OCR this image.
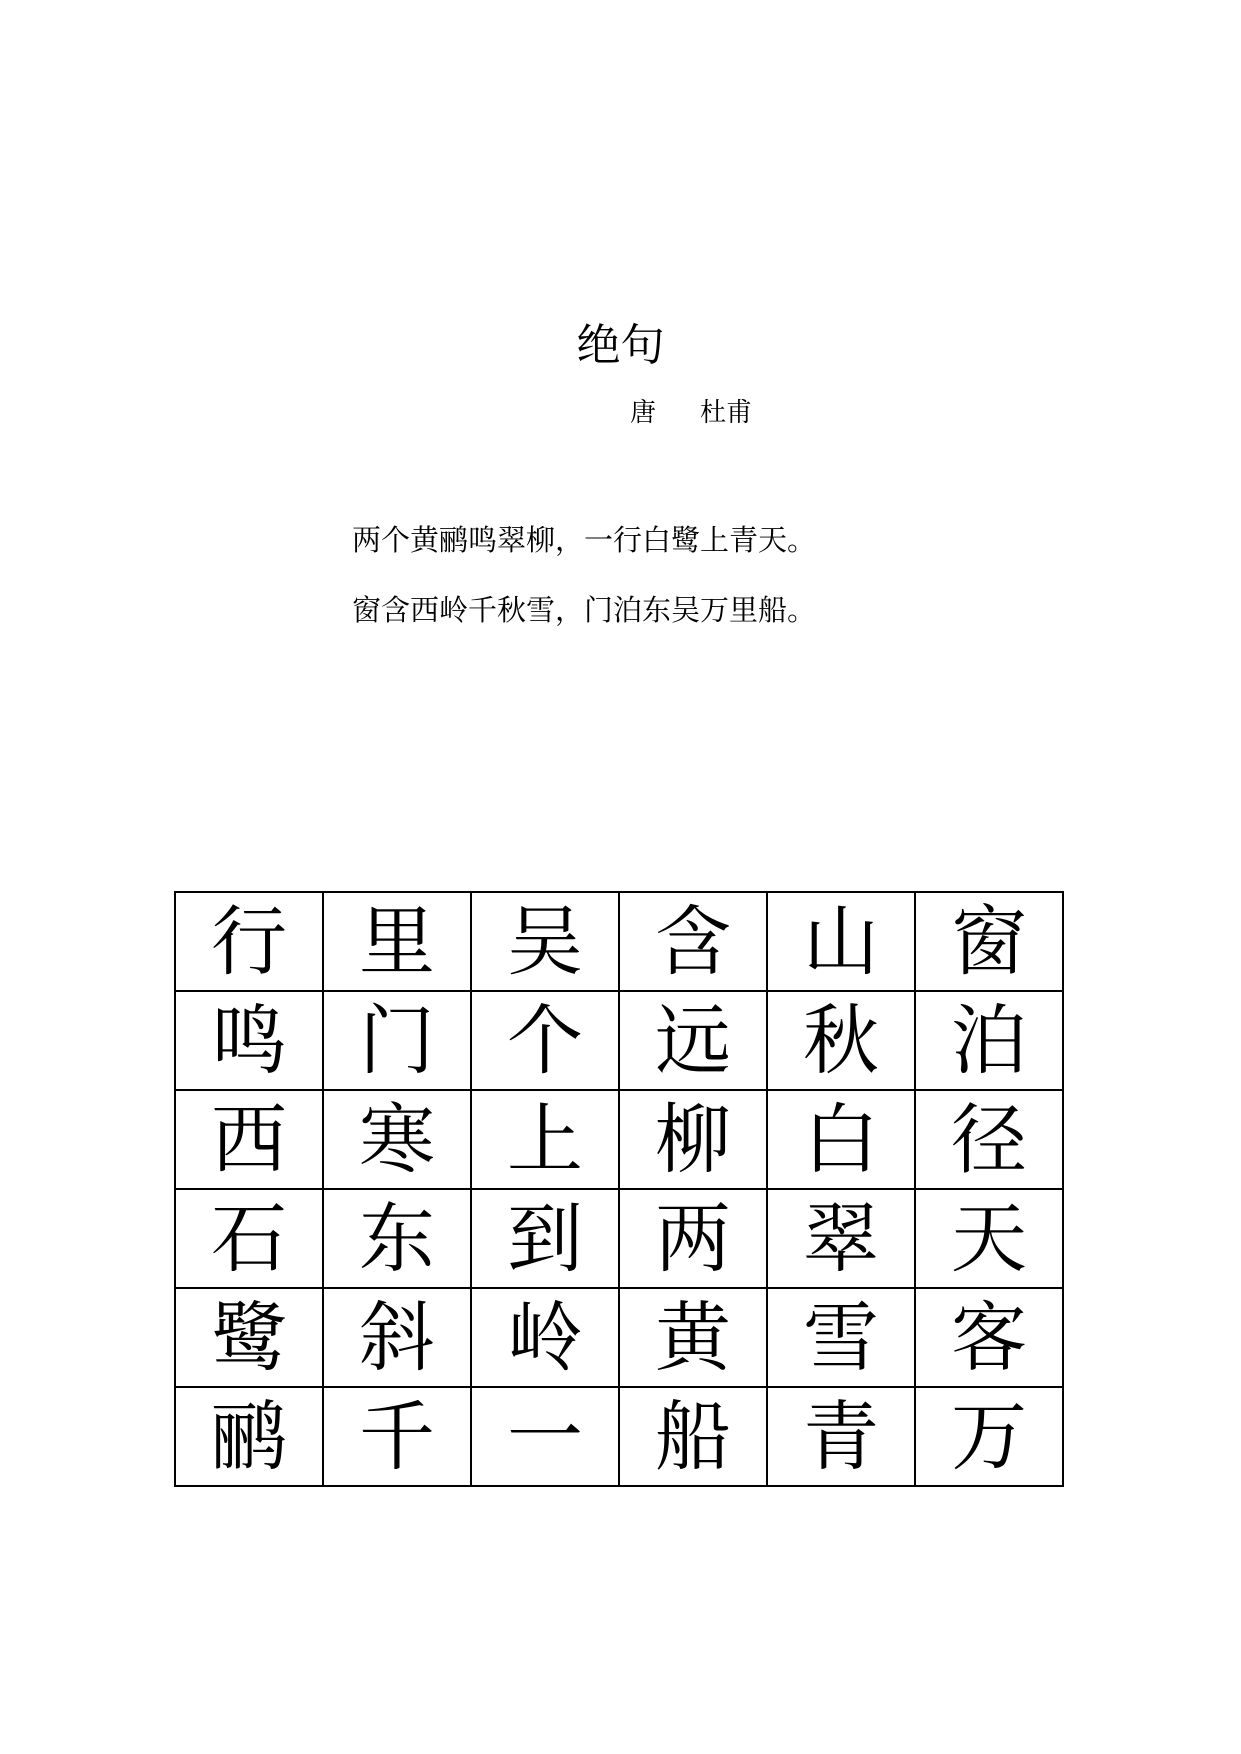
绝句
唐 杜甫

两个黄鹂鸣翠柳，一行白鹭上青天。

窗含西岭千秋雪，门泊东吴万里船。

行	里	吴	含	山	窗
鸣	门	个	远	秋	泊
西	寒	上	柳	白	径
石	东	到	两	翠	天
鹭	斜	岭	黄	雪	客
鹂	千	一	船	青	万
